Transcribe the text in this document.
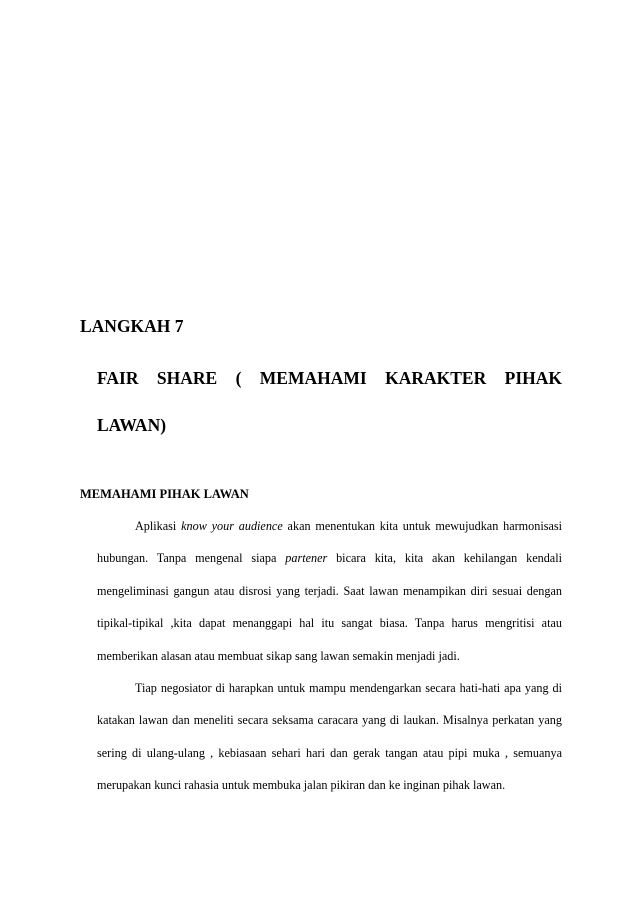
LANGKAH 7
FAIR SHARE ( MEMAHAMI KARAKTER PIHAK LAWAN)
MEMAHAMI PIHAK LAWAN

Aplikasi know your audience akan menentukan kita untuk mewujudkan harmonisasi hubungan. Tanpa mengenal siapa partener bicara kita, kita akan kehilangan kendali mengeliminasi gangun atau disrosi yang terjadi. Saat lawan menampikan diri sesuai dengan tipikal-tipikal ,kita dapat menanggapi hal itu sangat biasa. Tanpa harus mengritisi atau memberikan alasan atau membuat sikap sang lawan semakin menjadi jadi.

Tiap negosiator di harapkan untuk mampu mendengarkan secara hati-hati apa yang di katakan lawan dan meneliti secara seksama caracara yang di laukan. Misalnya perkatan yang sering di ulang-ulang , kebiasaan sehari hari dan gerak tangan atau pipi muka , semuanya merupakan kunci rahasia untuk membuka jalan pikiran dan ke inginan pihak lawan.
